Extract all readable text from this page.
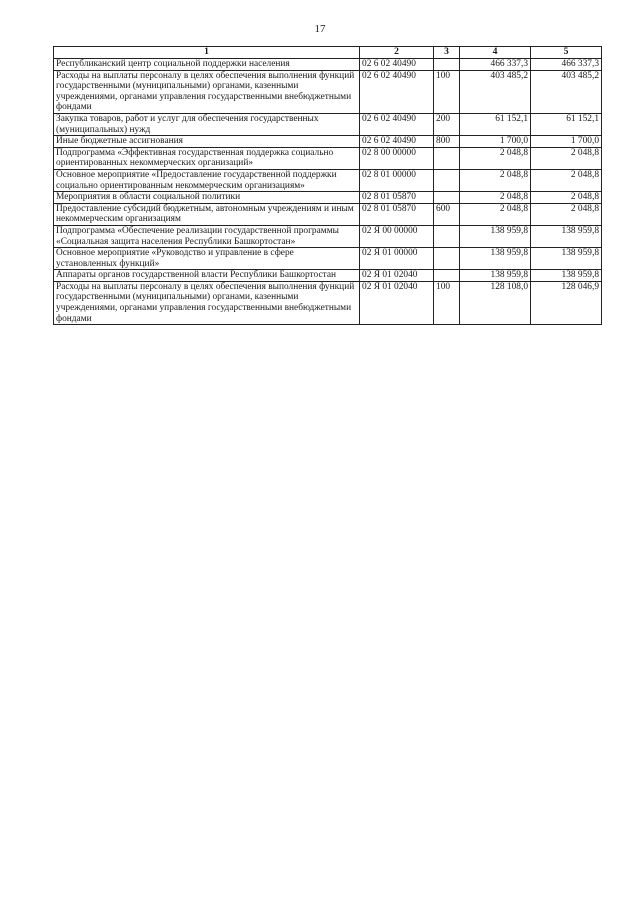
17
1	2	3	4	5
Республиканский центр социальной поддержки населения	02 6 02 40490		466 337,3	466 337,3
Расходы на выплаты персоналу в целях обеспечения выполнения функций государственными (муниципальными) органами, казенными учреждениями, органами управления государственными внебюджетными фондами	02 6 02 40490	100	403 485,2	403 485,2
Закупка товаров, работ и услуг для обеспечения государственных (муниципальных) нужд	02 6 02 40490	200	61 152,1	61 152,1
Иные бюджетные ассигнования	02 6 02 40490	800	1 700,0	1 700,0
Подпрограмма «Эффективная государственная поддержка социально ориентированных некоммерческих организаций»	02 8 00 00000		2 048,8	2 048,8
Основное мероприятие «Предоставление государственной поддержки социально ориентированным некоммерческим организациям»	02 8 01 00000		2 048,8	2 048,8
Мероприятия в области социальной политики	02 8 01 05870		2 048,8	2 048,8
Предоставление субсидий бюджетным, автономным учреждениям и иным некоммерческим организациям	02 8 01 05870	600	2 048,8	2 048,8
Подпрограмма «Обеспечение реализации государственной программы «Социальная защита населения Республики Башкортостан»	02 Я 00 00000		138 959,8	138 959,8
Основное мероприятие «Руководство и управление в сфере установленных функций»	02 Я 01 00000		138 959,8	138 959,8
Аппараты органов государственной власти Республики Башкортостан	02 Я 01 02040		138 959,8	138 959,8
Расходы на выплаты персоналу в целях обеспечения выполнения функций государственными (муниципальными) органами, казенными учреждениями, органами управления государственными внебюджетными фондами	02 Я 01 02040	100	128 108,0	128 046,9
